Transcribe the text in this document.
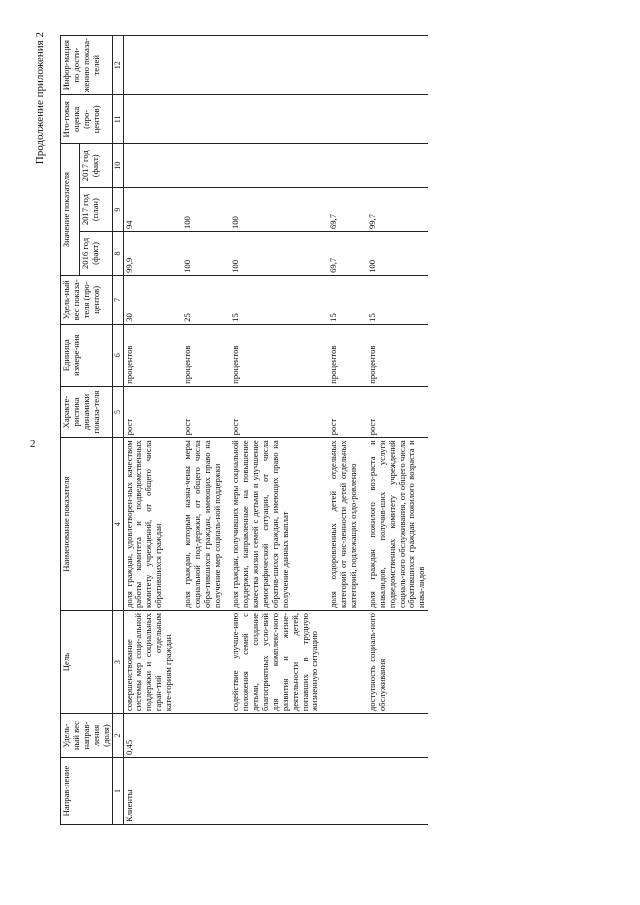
2
Продолжение приложения 2
Направ-ление	Удель-ный вес направ-ления (доля)	Цель	Наименование показателя	Характе-ристика динамики показа-теля	Единица измере-ния	Удель-ный вес показа-теля (про-центов)	Значение показателя			Ито-говая оценка (про-центов)	Инфор-мация по дости-жению показа-телей
							2016 год (факт)	2017 год (план)	2017 год (факт)		
1	2	3	4	5	6	7	8	9	10	11	12
Клиенты	0,45	совершенствование системы мер соци-альной поддержки и социальных гаран-тий отдельным кате-гориям граждан	доля граждан, удовлетворен-ных качеством работы комитета и подведомственных комитету учреждений, от общего числа обратившихся граждан	рост	процентов	30	99,9	94			
			доля граждан, которым назна-чены меры социальной под-держки, от общего числа обра-тившихся граждан, имеющих право на получение мер социаль-ной поддержки	рост	процентов	25	100	100			
		содействие улучше-нию положения семей с детьми, создание благоприятных усло-вий для комплекс-ного развития и жизне-деятельности детей, попавших в трудную жизненную ситуацию	доля граждан, получивших меры социальной поддержки, направленные на повышение качества жизни семей с детьми и улучшение демографической ситуации, от числа обратив-шихся граждан, имеющих право на получение данных выплат	рост	процентов	15	100	100			
			доля оздоровленных детей отдельных категорий от чис-ленности детей отдельных категорий, подлежащих оздо-ровлению	рост	процентов	15	69,7	69,7			
		доступность социаль-ного обслуживания	доля граждан пожилого воз-раста и инвалидов, получив-ших услуги подведомственных комитету учреждений социаль-ного обслуживания, от общего числа обратившихся граждан пожилого возраста и инва-лидов	рост	процентов	15	100	99,7			
